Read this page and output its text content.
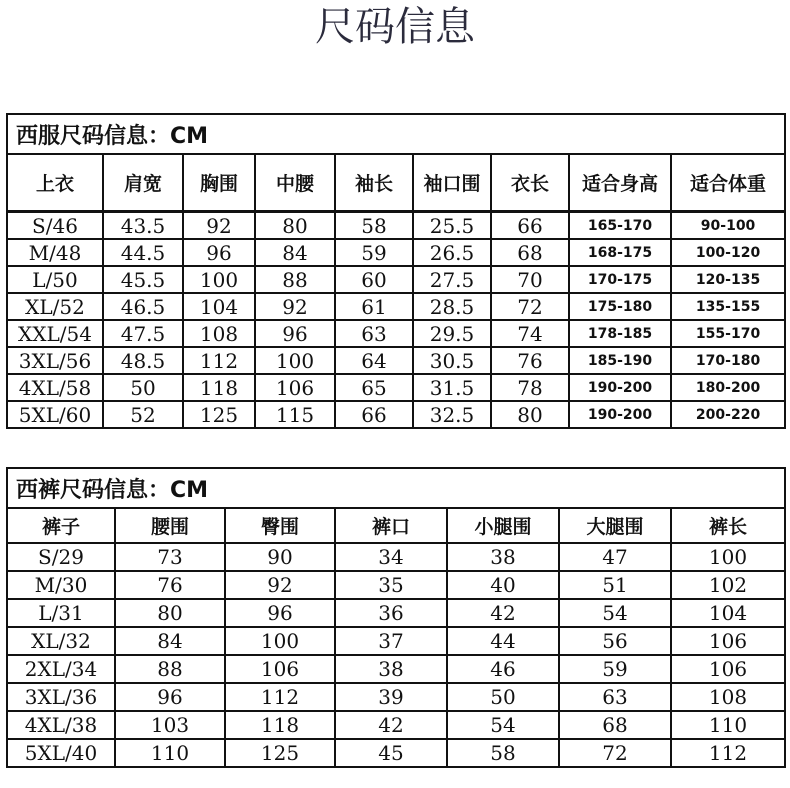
尺码信息
西服尺码信息：CM								
上衣	肩宽	胸围	中腰	袖长	袖口围	衣长	适合身高	适合体重
S/46	43.5	92	80	58	25.5	66	165-170	90-100
M/48	44.5	96	84	59	26.5	68	168-175	100-120
L/50	45.5	100	88	60	27.5	70	170-175	120-135
XL/52	46.5	104	92	61	28.5	72	175-180	135-155
XXL/54	47.5	108	96	63	29.5	74	178-185	155-170
3XL/56	48.5	112	100	64	30.5	76	185-190	170-180
4XL/58	50	118	106	65	31.5	78	190-200	180-200
5XL/60	52	125	115	66	32.5	80	190-200	200-220
西裤尺码信息：CM						
裤子	腰围	臀围	裤口	小腿围	大腿围	裤长
S/29	73	90	34	38	47	100
M/30	76	92	35	40	51	102
L/31	80	96	36	42	54	104
XL/32	84	100	37	44	56	106
2XL/34	88	106	38	46	59	106
3XL/36	96	112	39	50	63	108
4XL/38	103	118	42	54	68	110
5XL/40	110	125	45	58	72	112
